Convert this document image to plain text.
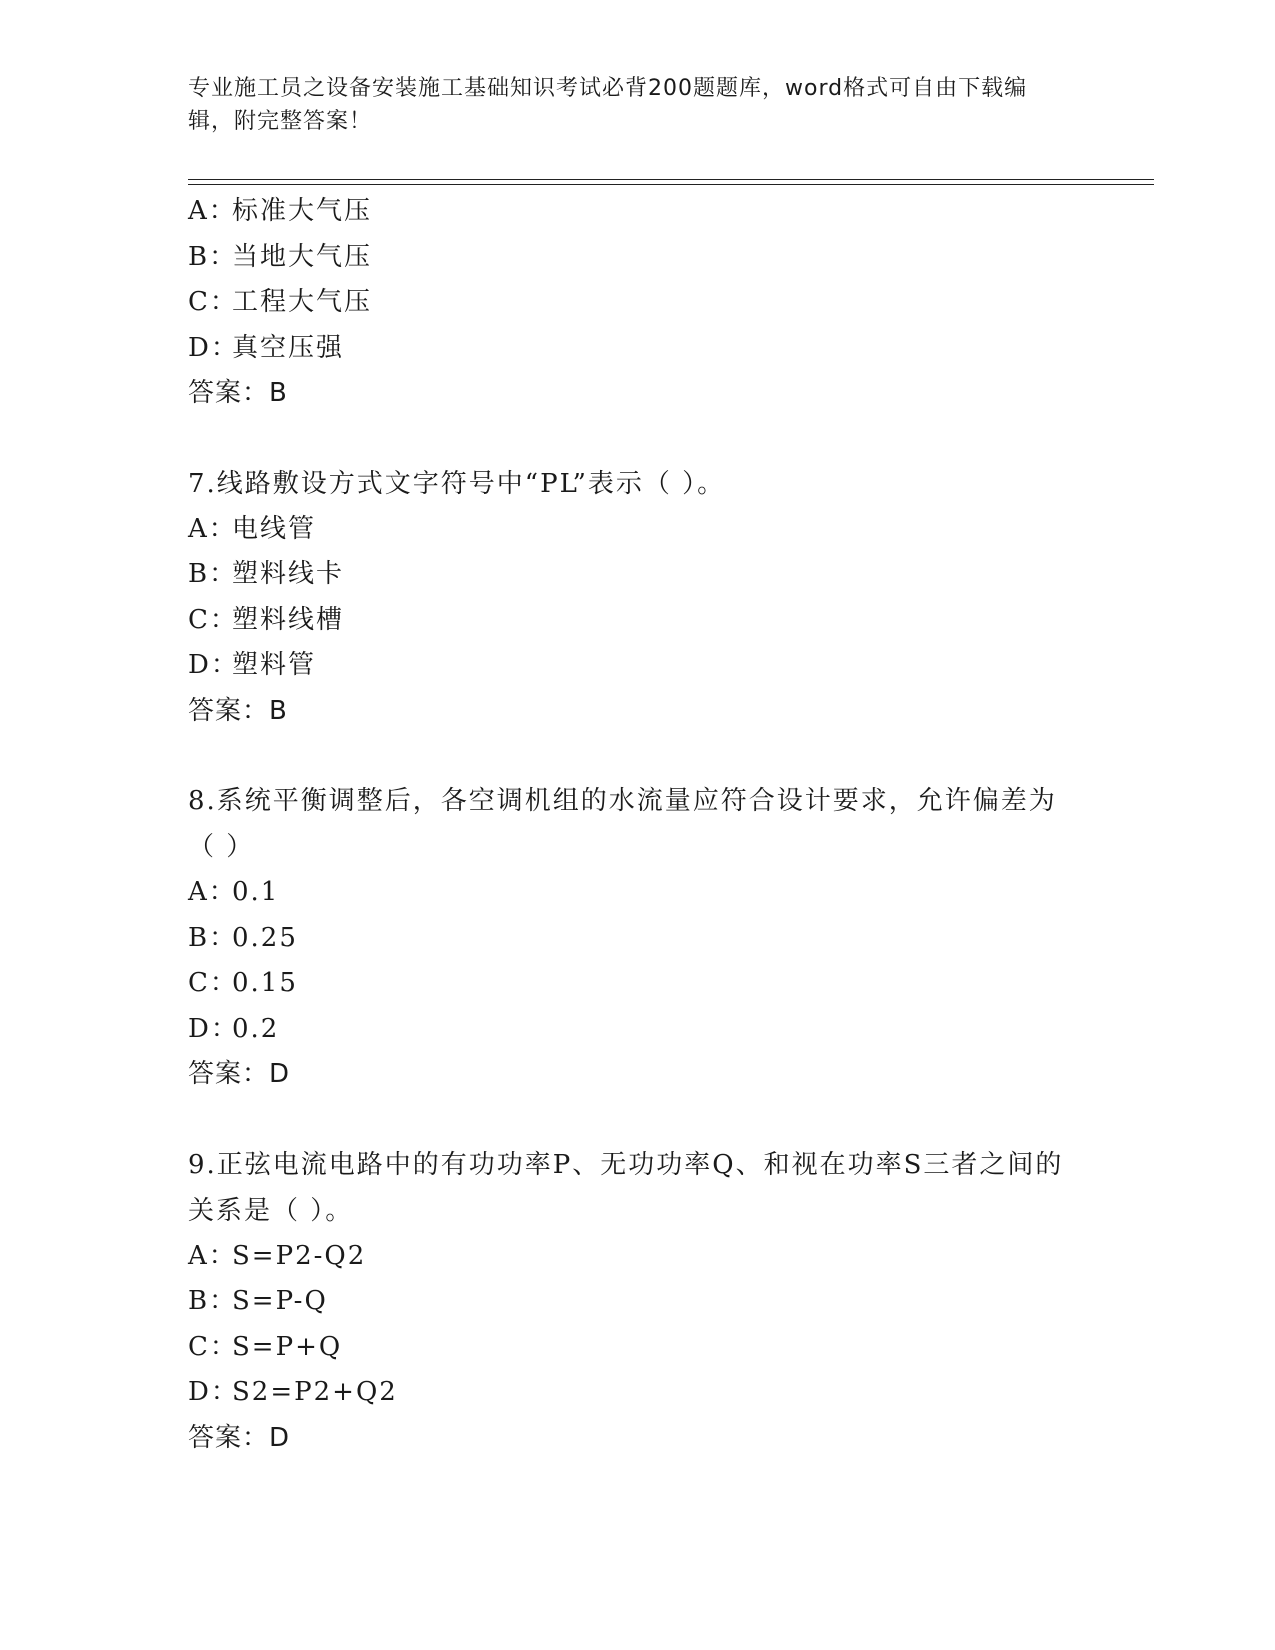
专业施工员之设备安装施工基础知识考试必背200题题库，word格式可自由下载编辑，附完整答案！
A：标准大气压
B：当地大气压
C：工程大气压
D：真空压强
答案：B
7.线路敷设方式文字符号中“PL”表示（ ）。
A：电线管
B：塑料线卡
C：塑料线槽
D：塑料管
答案：B
8.系统平衡调整后，各空调机组的水流量应符合设计要求，允许偏差为（ ）
A：0.1
B：0.25
C：0.15
D：0.2
答案：D
9.正弦电流电路中的有功功率P、无功功率Q、和视在功率S三者之间的关系是（ ）。
A：S=P2-Q2
B：S=P-Q
C：S=P+Q
D：S2=P2+Q2
答案：D
